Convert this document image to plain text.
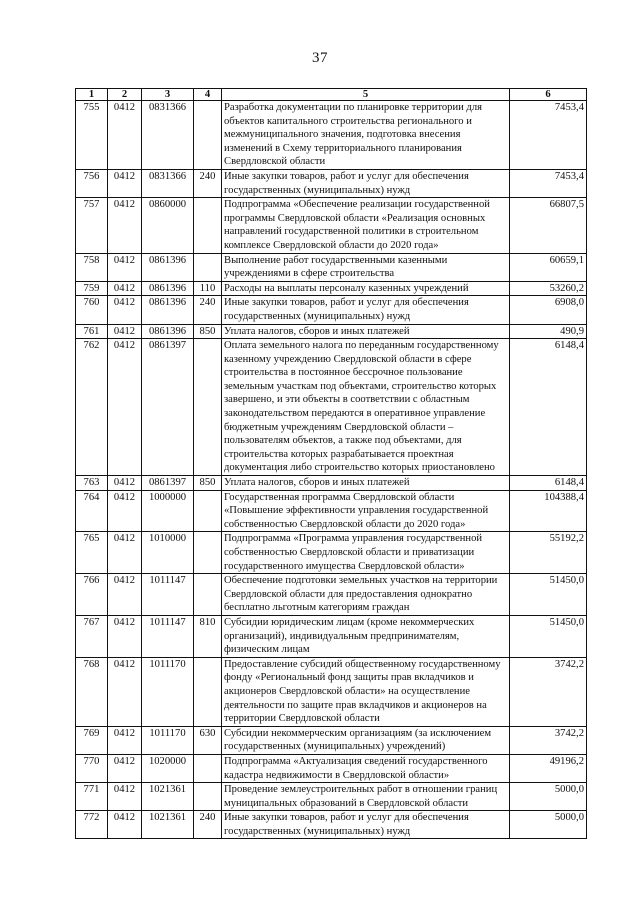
37
1	2	3	4	5	6
755	0412	0831366		Разработка документации по планировке территории для объектов капитального строительства регионального и межмуниципального значения, подготовка внесения изменений в Схему территориального планирования Свердловской области	7453,4
756	0412	0831366	240	Иные закупки товаров, работ и услуг для обеспечения государственных (муниципальных) нужд	7453,4
757	0412	0860000		Подпрограмма «Обеспечение реализации государственной программы Свердловской области «Реализация основных направлений государственной политики в строительном комплексе Свердловской области до 2020 года»	66807,5
758	0412	0861396		Выполнение работ государственными казенными учреждениями в сфере строительства	60659,1
759	0412	0861396	110	Расходы на выплаты персоналу казенных учреждений	53260,2
760	0412	0861396	240	Иные закупки товаров, работ и услуг для обеспечения государственных (муниципальных) нужд	6908,0
761	0412	0861396	850	Уплата налогов, сборов и иных платежей	490,9
762	0412	0861397		Оплата земельного налога по переданным государственному казенному учреждению Свердловской области в сфере строительства в постоянное бессрочное пользование земельным участкам под объектами, строительство которых завершено, и эти объекты в соответствии с областным законодательством передаются в оперативное управление бюджетным учреждениям Свердловской области – пользователям объектов, а также под объектами, для строительства которых разрабатывается проектная документация либо строительство которых приостановлено	6148,4
763	0412	0861397	850	Уплата налогов, сборов и иных платежей	6148,4
764	0412	1000000		Государственная программа Свердловской области «Повышение эффективности управления государственной собственностью Свердловской области до 2020 года»	104388,4
765	0412	1010000		Подпрограмма «Программа управления государственной собственностью Свердловской области и приватизации государственного имущества Свердловской области»	55192,2
766	0412	1011147		Обеспечение подготовки земельных участков на территории Свердловской области для предоставления однократно бесплатно льготным категориям граждан	51450,0
767	0412	1011147	810	Субсидии юридическим лицам (кроме некоммерческих организаций), индивидуальным предпринимателям, физическим лицам	51450,0
768	0412	1011170		Предоставление субсидий общественному государственному фонду «Региональный фонд защиты прав вкладчиков и акционеров Свердловской области» на осуществление деятельности по защите прав вкладчиков и акционеров на территории Свердловской области	3742,2
769	0412	1011170	630	Субсидии некоммерческим организациям (за исключением государственных (муниципальных) учреждений)	3742,2
770	0412	1020000		Подпрограмма «Актуализация сведений государственного кадастра недвижимости в Свердловской области»	49196,2
771	0412	1021361		Проведение землеустроительных работ в отношении границ муниципальных образований в Свердловской области	5000,0
772	0412	1021361	240	Иные закупки товаров, работ и услуг для обеспечения государственных (муниципальных) нужд	5000,0
